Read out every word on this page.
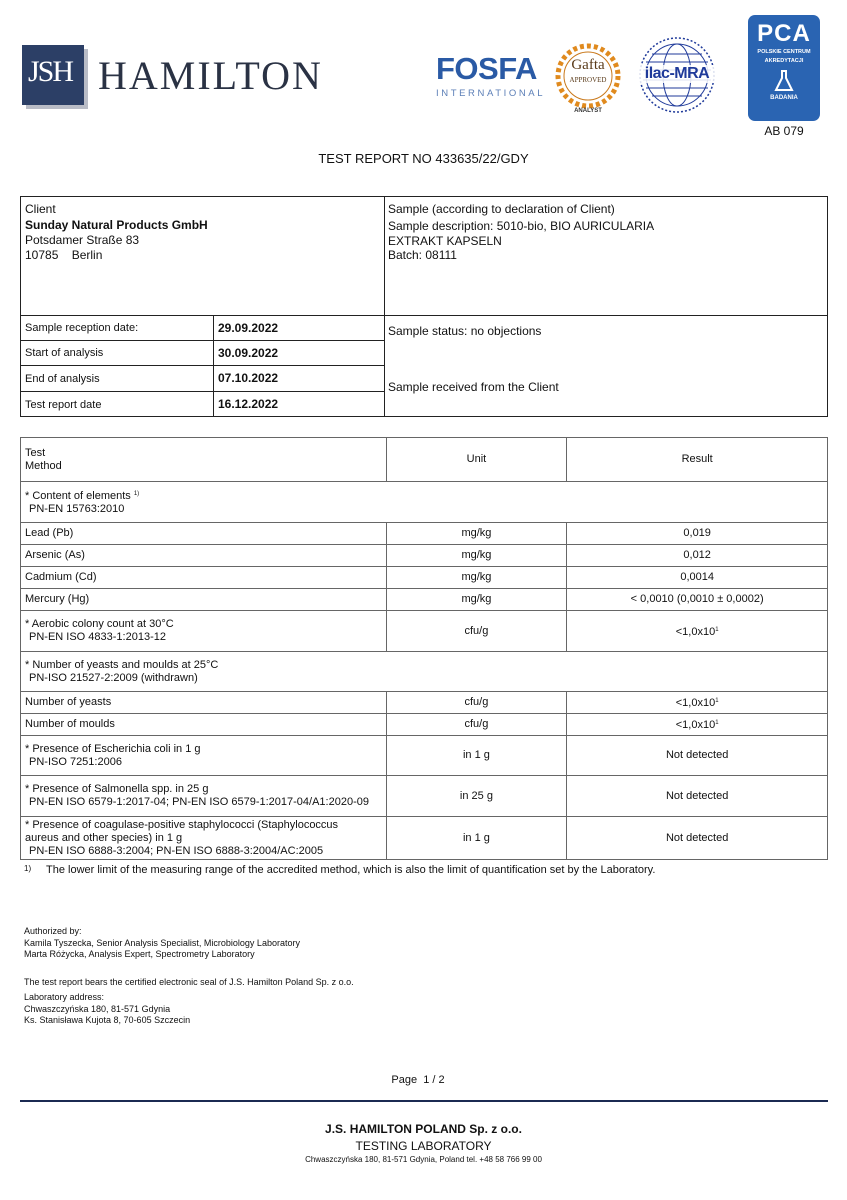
JSH HAMILTON	FOSFA
INTERNATIONAL
Gafta
APPROVED
ANALYST
ilac-MRA
PCA
POLSKIE CENTRUM
AKREDYTACJI
BADANIA
AB 079
TEST REPORT NO 433635/22/GDY
Client
Sunday Natural Products GmbH
Potsdamer Straße 83
10785    Berlin
Sample (according to declaration of Client)
Sample description: 5010-bio, BIO AURICULARIA
EXTRAKT KAPSELN
Batch: 08111
Sample reception date:	29.09.2022
Start of analysis	30.09.2022
End of analysis	07.10.2022
Test report date	16.12.2022
Sample status: no objections
Sample received from the Client
Test
Method	Unit	Result

* Content of elements $^{1)}$
PN-EN 15763:2010		

Lead (Pb)	mg/kg	0,019
Arsenic (As)	mg/kg	0,012
Cadmium (Cd)	mg/kg	0,0014
Mercury (Hg)	mg/kg	< 0,0010 (0,0010 ± 0,0002)

* Aerobic colony count at 30°C
PN-EN ISO 4833-1:2013-12	cfu/g	$<1,0x10^1$

* Number of yeasts and moulds at 25°C
PN-ISO 21527-2:2009 (withdrawn)		

Number of yeasts	cfu/g	$<1,0x10^1$
Number of moulds	cfu/g	$<1,0x10^1$

* Presence of Escherichia coli in 1 g
PN-ISO 7251:2006	in 1 g	Not detected

* Presence of Salmonella spp. in 25 g
PN-EN ISO 6579-1:2017-04; PN-EN ISO 6579-1:2017-04/A1:2020-09	in 25 g	Not detected

* Presence of coagulase-positive staphylococci (Staphylococcus
aureus and other species) in 1 g
PN-EN ISO 6888-3:2004; PN-EN ISO 6888-3:2004/AC:2005	in 1 g	Not detected
1) The lower limit of the measuring range of the accredited method, which is also the limit of quantification set by the Laboratory.
Authorized by:
Kamila Tyszecka, Senior Analysis Specialist, Microbiology Laboratory
Marta Różycka, Analysis Expert, Spectrometry Laboratory
The test report bears the certified electronic seal of J.S. Hamilton Poland Sp. z o.o.
Laboratory address:
Chwaszczyńska 180, 81-571 Gdynia
Ks. Stanisława Kujota 8, 70-605 Szczecin
Page  1 / 2
J.S. HAMILTON POLAND Sp. z o.o.
TESTING LABORATORY
Chwaszczyńska 180, 81-571 Gdynia, Poland tel. +48 58 766 99 00
